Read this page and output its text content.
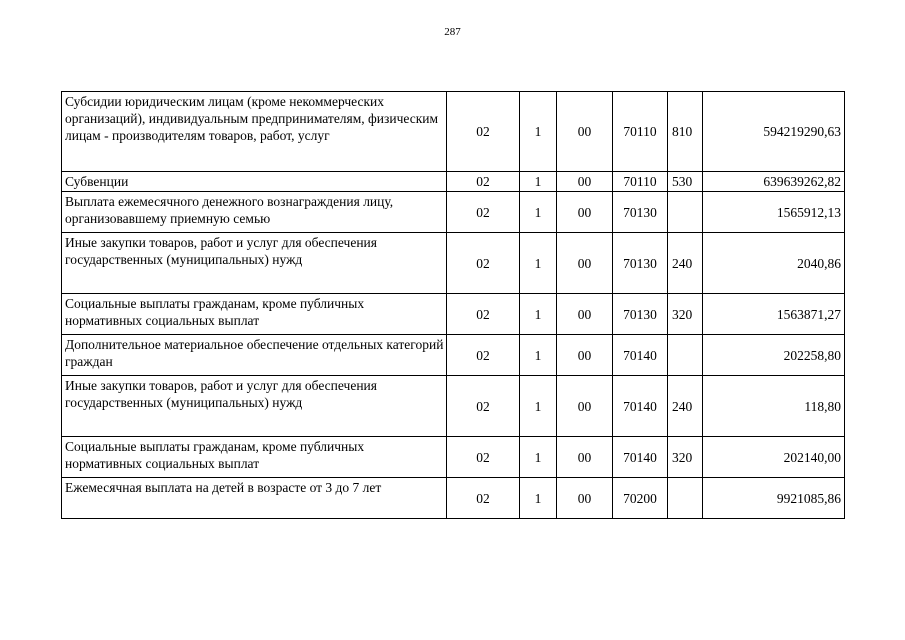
287
Субсидии юридическим лицам (кроме некоммерческих организаций), индивидуальным предпринимателям, физическим лицам - производителям товаров, работ, услуг	02	1	00	70110	810	594219290,63
Субвенции	02	1	00	70110	530	639639262,82
Выплата ежемесячного денежного вознаграждения лицу, организовавшему приемную семью	02	1	00	70130		1565912,13
Иные закупки товаров, работ и услуг для обеспечения государственных (муниципальных) нужд	02	1	00	70130	240	2040,86
Социальные выплаты гражданам, кроме публичных нормативных социальных выплат	02	1	00	70130	320	1563871,27
Дополнительное материальное обеспечение отдельных категорий граждан	02	1	00	70140		202258,80
Иные закупки товаров, работ и услуг для обеспечения государственных (муниципальных) нужд	02	1	00	70140	240	118,80
Социальные выплаты гражданам, кроме публичных нормативных социальных выплат	02	1	00	70140	320	202140,00
Ежемесячная выплата на детей в возрасте от 3 до 7 лет	02	1	00	70200		9921085,86
